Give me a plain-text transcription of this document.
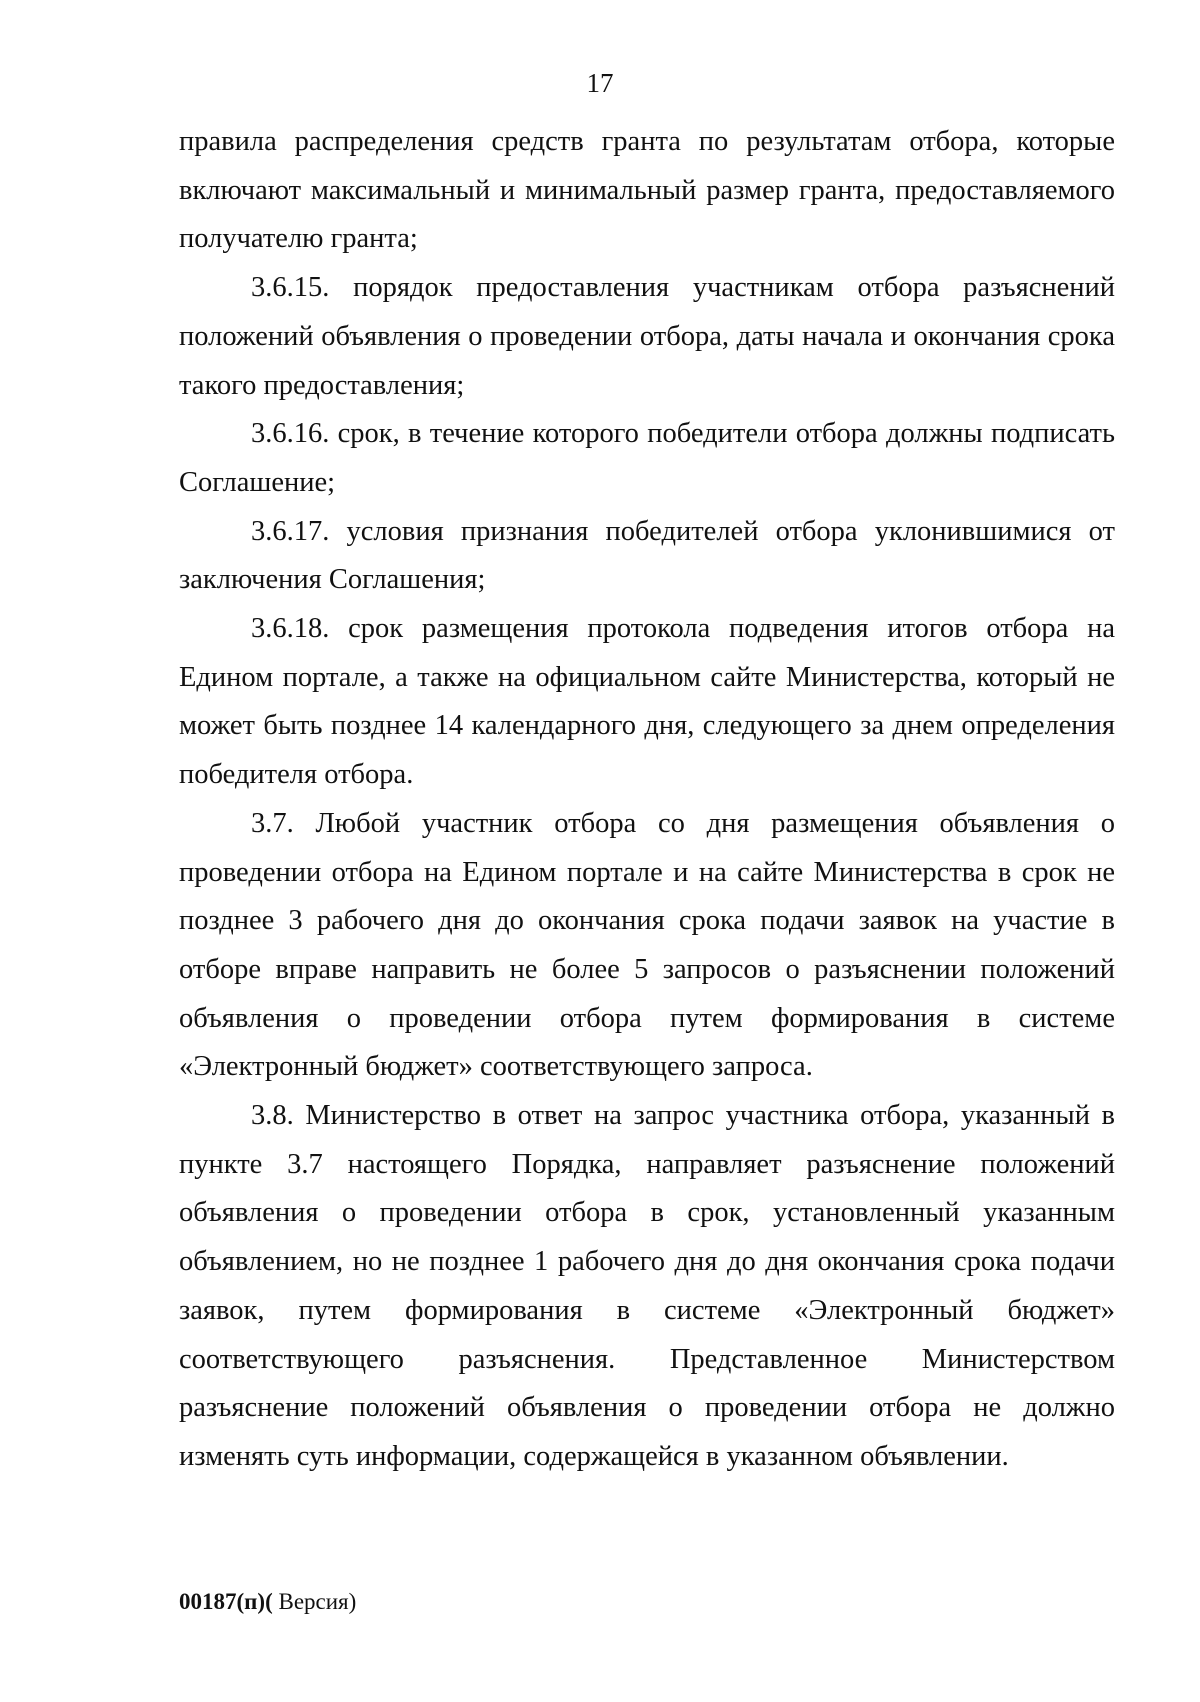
17

правила распределения средств гранта по результатам отбора, которые включают максимальный и минимальный размер гранта, предоставляемого получателю гранта;

3.6.15. порядок предоставления участникам отбора разъяснений положений объявления о проведении отбора, даты начала и окончания срока такого предоставления;

3.6.16. срок, в течение которого победители отбора должны подписать Соглашение;

3.6.17. условия признания победителей отбора уклонившимися от заключения Соглашения;

3.6.18. срок размещения протокола подведения итогов отбора на Едином портале, а также на официальном сайте Министерства, который не может быть позднее 14 календарного дня, следующего за днем определения победителя отбора.

3.7. Любой участник отбора со дня размещения объявления о проведении отбора на Едином портале и на сайте Министерства в срок не позднее 3 рабочего дня до окончания срока подачи заявок на участие в отборе вправе направить не более 5 запросов о разъяснении положений объявления о проведении отбора путем формирования в системе «Электронный бюджет» соответствующего запроса.

3.8. Министерство в ответ на запрос участника отбора, указанный в пункте 3.7 настоящего Порядка, направляет разъяснение положений объявления о проведении отбора в срок, установленный указанным объявлением, но не позднее 1 рабочего дня до дня окончания срока подачи заявок, путем формирования в системе «Электронный бюджет» соответствующего разъяснения. Представленное Министерством разъяснение положений объявления о проведении отбора не должно изменять суть информации, содержащейся в указанном объявлении.

00187(п)( Версия)
